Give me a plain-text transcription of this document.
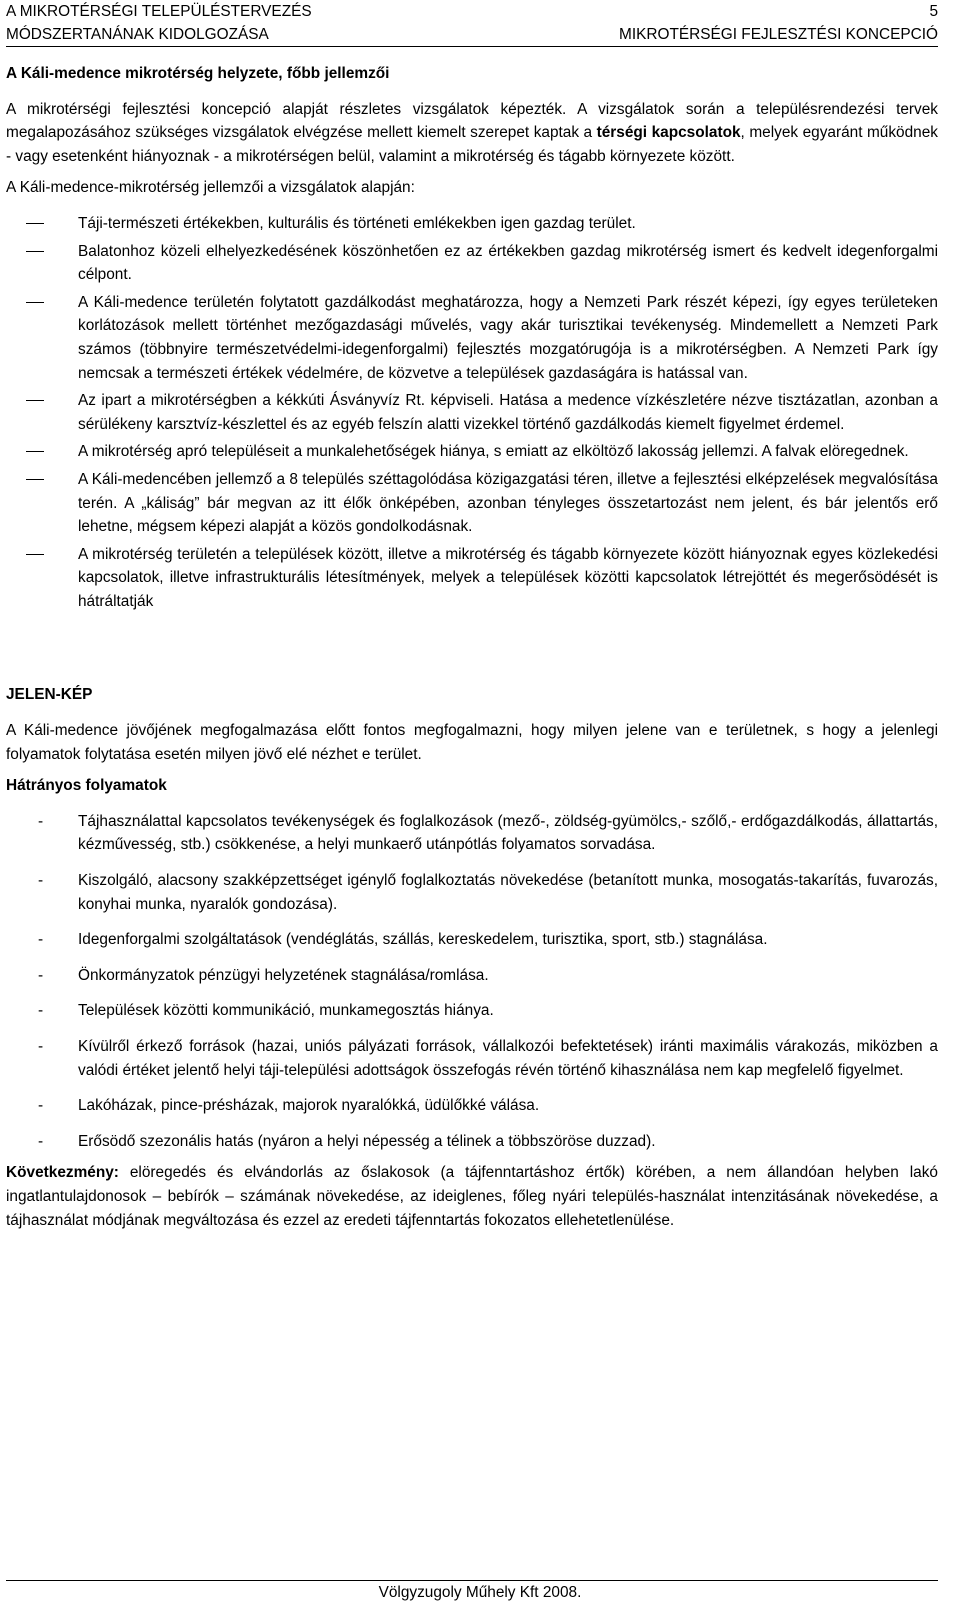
A MIKROTÉRSÉGI TELEPÜLÉSTERVEZÉS	5
MÓDSZERTANÁNAK KIDOLGOZÁSA	MIKROTÉRSÉGI FEJLESZTÉSI KONCEPCIÓ

A Káli-medence mikrotérség helyzete, főbb jellemzői

A mikrotérségi fejlesztési koncepció alapját részletes vizsgálatok képezték. A vizsgálatok során a településrendezési tervek megalapozásához szükséges vizsgálatok elvégzése mellett kiemelt szerepet kaptak a térségi kapcsolatok, melyek egyaránt működnek - vagy esetenként hiányoznak - a mikrotérségen belül, valamint a mikrotérség és tágabb környezete között.

A Káli-medence-mikrotérség jellemzői a vizsgálatok alapján:

Táji-természeti értékekben, kulturális és történeti emlékekben igen gazdag terület.
Balatonhoz közeli elhelyezkedésének köszönhetően ez az értékekben gazdag mikrotérség ismert és kedvelt idegenforgalmi célpont.
A Káli-medence területén folytatott gazdálkodást meghatározza, hogy a Nemzeti Park részét képezi, így egyes területeken korlátozások mellett történhet mezőgazdasági művelés, vagy akár turisztikai tevékenység. Mindemellett a Nemzeti Park számos (többnyire természetvédelmi-idegenforgalmi) fejlesztés mozgatórugója is a mikrotérségben. A Nemzeti Park így nemcsak a természeti értékek védelmére, de közvetve a települések gazdaságára is hatással van.
Az ipart a mikrotérségben a kékkúti Ásványvíz Rt. képviseli. Hatása a medence vízkészletére nézve tisztázatlan, azonban a sérülékeny karsztvíz-készlettel és az egyéb felszín alatti vizekkel történő gazdálkodás kiemelt figyelmet érdemel.
A mikrotérség apró településeit a munkalehetőségek hiánya, s emiatt az elköltöző lakosság jellemzi. A falvak elöregednek.
A Káli-medencében jellemző a 8 település széttagolódása közigazgatási téren, illetve a fejlesztési elképzelések megvalósítása terén. A „káliság” bár megvan az itt élők önképében, azonban tényleges összetartozást nem jelent, és bár jelentős erő lehetne, mégsem képezi alapját a közös gondolkodásnak.
A mikrotérség területén a települések között, illetve a mikrotérség és tágabb környezete között hiányoznak egyes közlekedési kapcsolatok, illetve infrastrukturális létesítmények, melyek a települések közötti kapcsolatok létrejöttét és megerősödését is hátráltatják

JELEN-KÉP

A Káli-medence jövőjének megfogalmazása előtt fontos megfogalmazni, hogy milyen jelene van e területnek, s hogy a jelenlegi folyamatok folytatása esetén milyen jövő elé nézhet e terület.

Hátrányos folyamatok

- Tájhasználattal kapcsolatos tevékenységek és foglalkozások (mező-, zöldség-gyümölcs,- szőlő,- erdőgazdálkodás, állattartás, kézművesség, stb.) csökkenése, a helyi munkaerő utánpótlás folyamatos sorvadása.
- Kiszolgáló, alacsony szakképzettséget igénylő foglalkoztatás növekedése (betanított munka, mosogatás-takarítás, fuvarozás, konyhai munka, nyaralók gondozása).
- Idegenforgalmi szolgáltatások (vendéglátás, szállás, kereskedelem, turisztika, sport, stb.) stagnálása.
- Önkormányzatok pénzügyi helyzetének stagnálása/romlása.
- Települések közötti kommunikáció, munkamegosztás hiánya.
- Kívülről érkező források (hazai, uniós pályázati források, vállalkozói befektetések) iránti maximális várakozás, miközben a valódi értéket jelentő helyi táji-települési adottságok összefogás révén történő kihasználása nem kap megfelelő figyelmet.
- Lakóházak, pince-présházak, majorok nyaralókká, üdülőkké válása.
- Erősödő szezonális hatás (nyáron a helyi népesség a télinek a többszöröse duzzad).

Következmény: elöregedés és elvándorlás az őslakosok (a tájfenntartáshoz értők) körében, a nem állandóan helyben lakó ingatlantulajdonosok – bebírók – számának növekedése, az ideiglenes, főleg nyári település-használat intenzitásának növekedése, a tájhasználat módjának megváltozása és ezzel az eredeti tájfenntartás fokozatos ellehetetlenülése.

Völgyzugoly Műhely Kft 2008.
